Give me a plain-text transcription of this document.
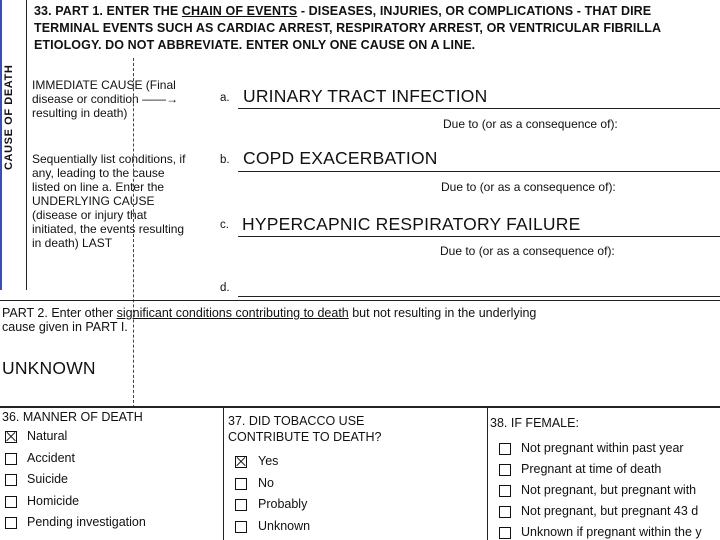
33. PART 1. ENTER THE CHAIN OF EVENTS - DISEASES, INJURIES, OR COMPLICATIONS - THAT DIRE
TERMINAL EVENTS SUCH AS CARDIAC ARREST, RESPIRATORY ARREST, OR VENTRICULAR FIBRILLA
ETIOLOGY. DO NOT ABBREVIATE. ENTER ONLY ONE CAUSE ON A LINE.
CAUSE OF DEATH IMMEDIATE CAUSE (Final
disease or condition ——→
resulting in death)
Sequentially list conditions, if
any, leading to the cause
listed on line a. Enter the
UNDERLYING CAUSE
(disease or injury that
initiated, the events resulting
in death) LAST
a. URINARY TRACT INFECTION
Due to (or as a consequence of):
b. COPD EXACERBATION
Due to (or as a consequence of):
c. HYPERCAPNIC RESPIRATORY FAILURE
Due to (or as a consequence of):
d.
PART 2. Enter other significant conditions contributing to death but not resulting in the underlying
cause given in PART I.
UNKNOWN
36. MANNER OF DEATH
Natural
Accident
Suicide
Homicide
Pending investigation
37. DID TOBACCO USE
CONTRIBUTE TO DEATH?
Yes
No
Probably
Unknown
38. IF FEMALE:
Not pregnant within past year
Pregnant at time of death
Not pregnant, but pregnant with
Not pregnant, but pregnant 43 d
Unknown if pregnant within the y
